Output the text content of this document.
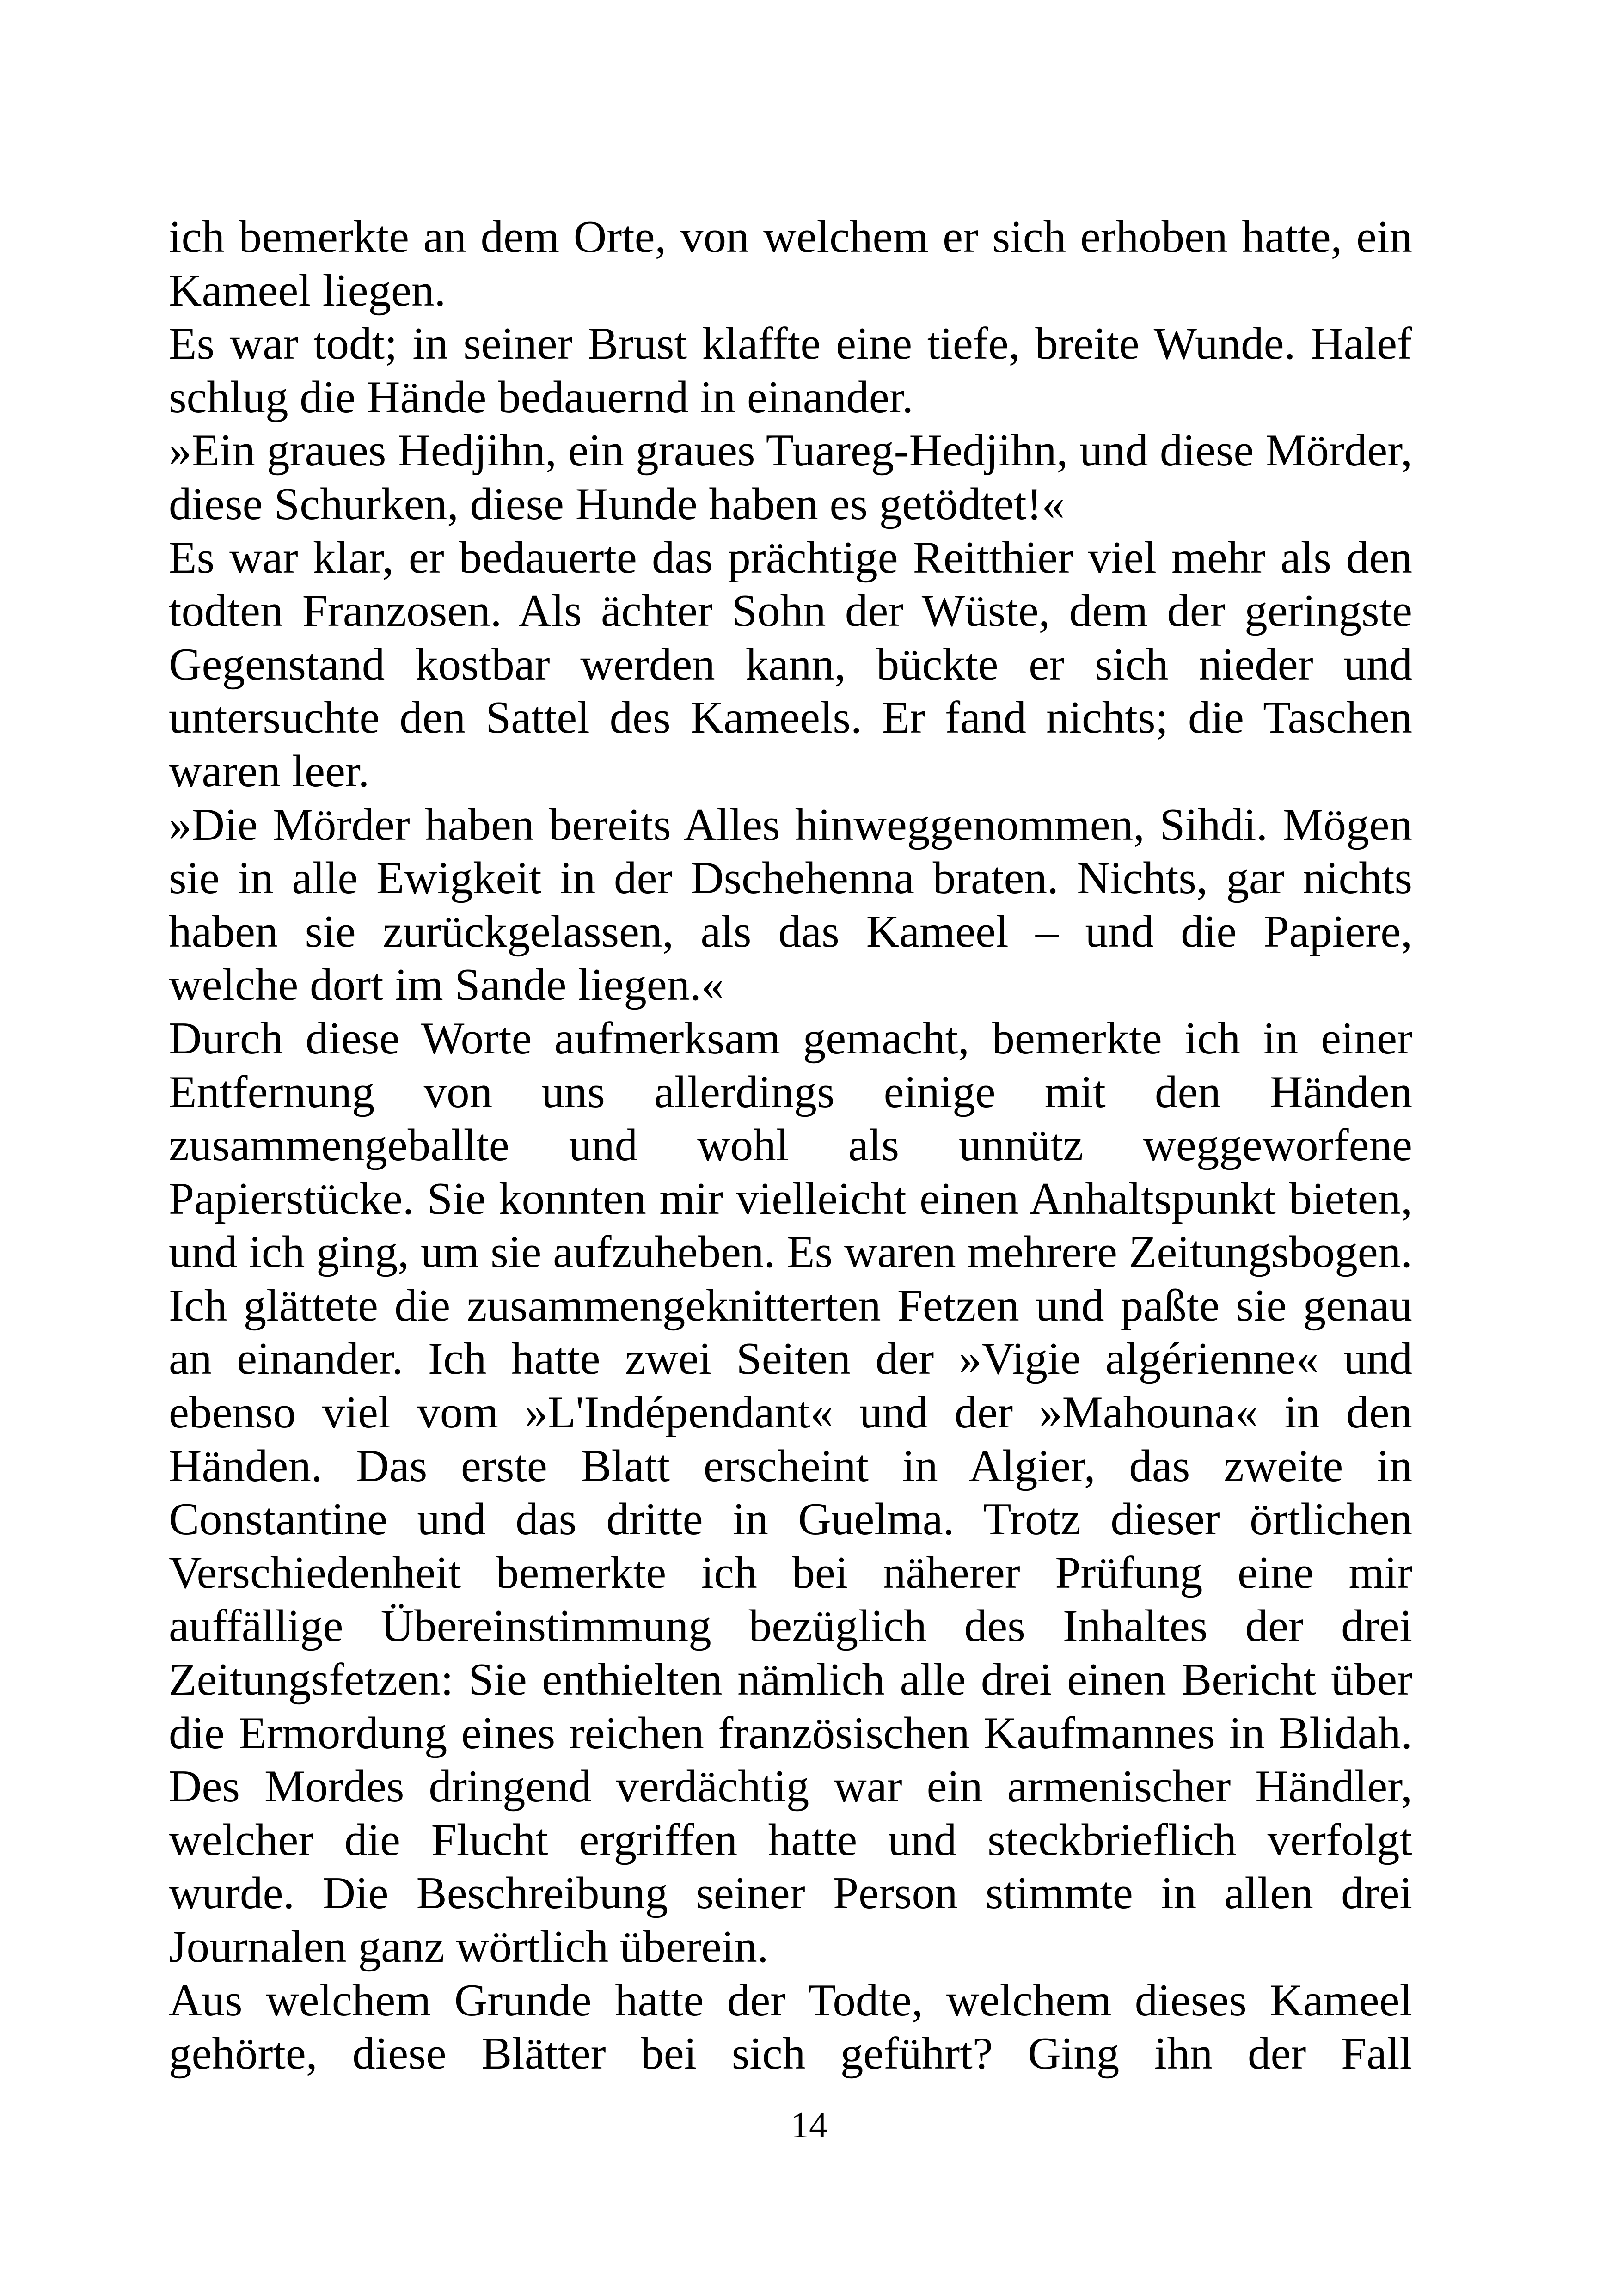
ich bemerkte an dem Orte, von welchem er sich erhoben hatte, ein Kameel liegen.

Es war todt; in seiner Brust klaffte eine tiefe, breite Wunde. Halef schlug die Hände bedauernd in einander.

»Ein graues Hedjihn, ein graues Tuareg-Hedjihn, und diese Mörder, diese Schurken, diese Hunde haben es getödtet!«

Es war klar, er bedauerte das prächtige Reitthier viel mehr als den todten Franzosen. Als ächter Sohn der Wüste, dem der geringste Gegenstand kostbar werden kann, bückte er sich nieder und untersuchte den Sattel des Kameels. Er fand nichts; die Taschen waren leer.

»Die Mörder haben bereits Alles hinweggenommen, Sihdi. Mögen sie in alle Ewigkeit in der Dschehenna braten. Nichts, gar nichts haben sie zurückgelassen, als das Kameel – und die Papiere, welche dort im Sande liegen.«

Durch diese Worte aufmerksam gemacht, bemerkte ich in einer Entfernung von uns allerdings einige mit den Händen zusammengeballte und wohl als unnütz weggeworfene Papierstücke. Sie konnten mir vielleicht einen Anhaltspunkt bieten, und ich ging, um sie aufzuheben. Es waren mehrere Zeitungsbogen. Ich glättete die zusammengeknitterten Fetzen und paßte sie genau an einander. Ich hatte zwei Seiten der »Vigie algérienne« und ebenso viel vom »L'Indépendant« und der »Mahouna« in den Händen. Das erste Blatt erscheint in Algier, das zweite in Constantine und das dritte in Guelma. Trotz dieser örtlichen Verschiedenheit bemerkte ich bei näherer Prüfung eine mir auffällige Übereinstimmung bezüglich des Inhaltes der drei Zeitungsfetzen: Sie enthielten nämlich alle drei einen Bericht über die Ermordung eines reichen französischen Kaufmannes in Blidah. Des Mordes dringend verdächtig war ein armenischer Händler, welcher die Flucht ergriffen hatte und steckbrieflich verfolgt wurde. Die Beschreibung seiner Person stimmte in allen drei Journalen ganz wörtlich überein.

Aus welchem Grunde hatte der Todte, welchem dieses Kameel gehörte, diese Blätter bei sich geführt? Ging ihn der Fall

14
